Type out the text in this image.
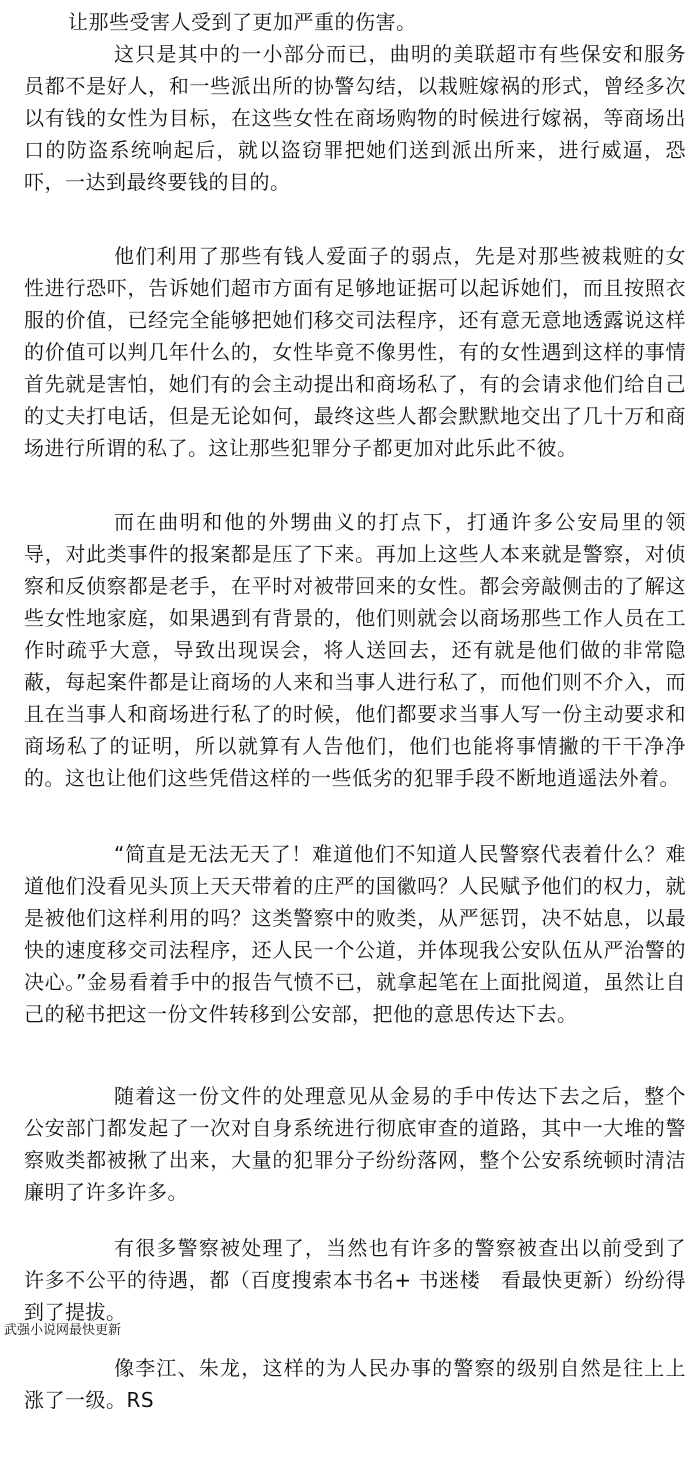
让那些受害人受到了更加严重的伤害。

这只是其中的一小部分而已，曲明的美联超市有些保安和服务员都不是好人，和一些派出所的协警勾结，以栽赃嫁祸的形式，曾经多次以有钱的女性为目标，在这些女性在商场购物的时候进行嫁祸，等商场出口的防盗系统响起后，就以盗窃罪把她们送到派出所来，进行威逼，恐吓，一达到最终要钱的目的。

他们利用了那些有钱人爱面子的弱点，先是对那些被栽赃的女性进行恐吓，告诉她们超市方面有足够地证据可以起诉她们，而且按照衣服的价值，已经完全能够把她们移交司法程序，还有意无意地透露说这样的价值可以判几年什么的，女性毕竟不像男性，有的女性遇到这样的事情首先就是害怕，她们有的会主动提出和商场私了，有的会请求他们给自己的丈夫打电话，但是无论如何，最终这些人都会默默地交出了几十万和商场进行所谓的私了。这让那些犯罪分子都更加对此乐此不彼。

而在曲明和他的外甥曲义的打点下，打通许多公安局里的领导，对此类事件的报案都是压了下来。再加上这些人本来就是警察，对侦察和反侦察都是老手，在平时对被带回来的女性。都会旁敲侧击的了解这些女性地家庭，如果遇到有背景的，他们则就会以商场那些工作人员在工作时疏乎大意，导致出现误会，将人送回去，还有就是他们做的非常隐蔽，每起案件都是让商场的人来和当事人进行私了，而他们则不介入，而且在当事人和商场进行私了的时候，他们都要求当事人写一份主动要求和商场私了的证明，所以就算有人告他们，他们也能将事情撇的干干净净的。这也让他们这些凭借这样的一些低劣的犯罪手段不断地逍遥法外着。

“简直是无法无天了！难道他们不知道人民警察代表着什么？难道他们没看见头顶上天天带着的庄严的国徽吗？人民赋予他们的权力，就是被他们这样利用的吗？这类警察中的败类，从严惩罚，决不姑息，以最快的速度移交司法程序，还人民一个公道，并体现我公安队伍从严治警的决心。”金易看着手中的报告气愤不已，就拿起笔在上面批阅道，虽然让自己的秘书把这一份文件转移到公安部，把他的意思传达下去。

随着这一份文件的处理意见从金易的手中传达下去之后，整个公安部门都发起了一次对自身系统进行彻底审查的道路，其中一大堆的警察败类都被揪了出来，大量的犯罪分子纷纷落网，整个公安系统顿时清洁廉明了许多许多。

有很多警察被处理了，当然也有许多的警察被查出以前受到了许多不公平的待遇，都（百度搜索本书名+ 书迷楼　看最快更新）纷纷得到了提拔。

武强小说网最快更新

像李江、朱龙，这样的为人民办事的警察的级别自然是往上上涨了一级。RS
